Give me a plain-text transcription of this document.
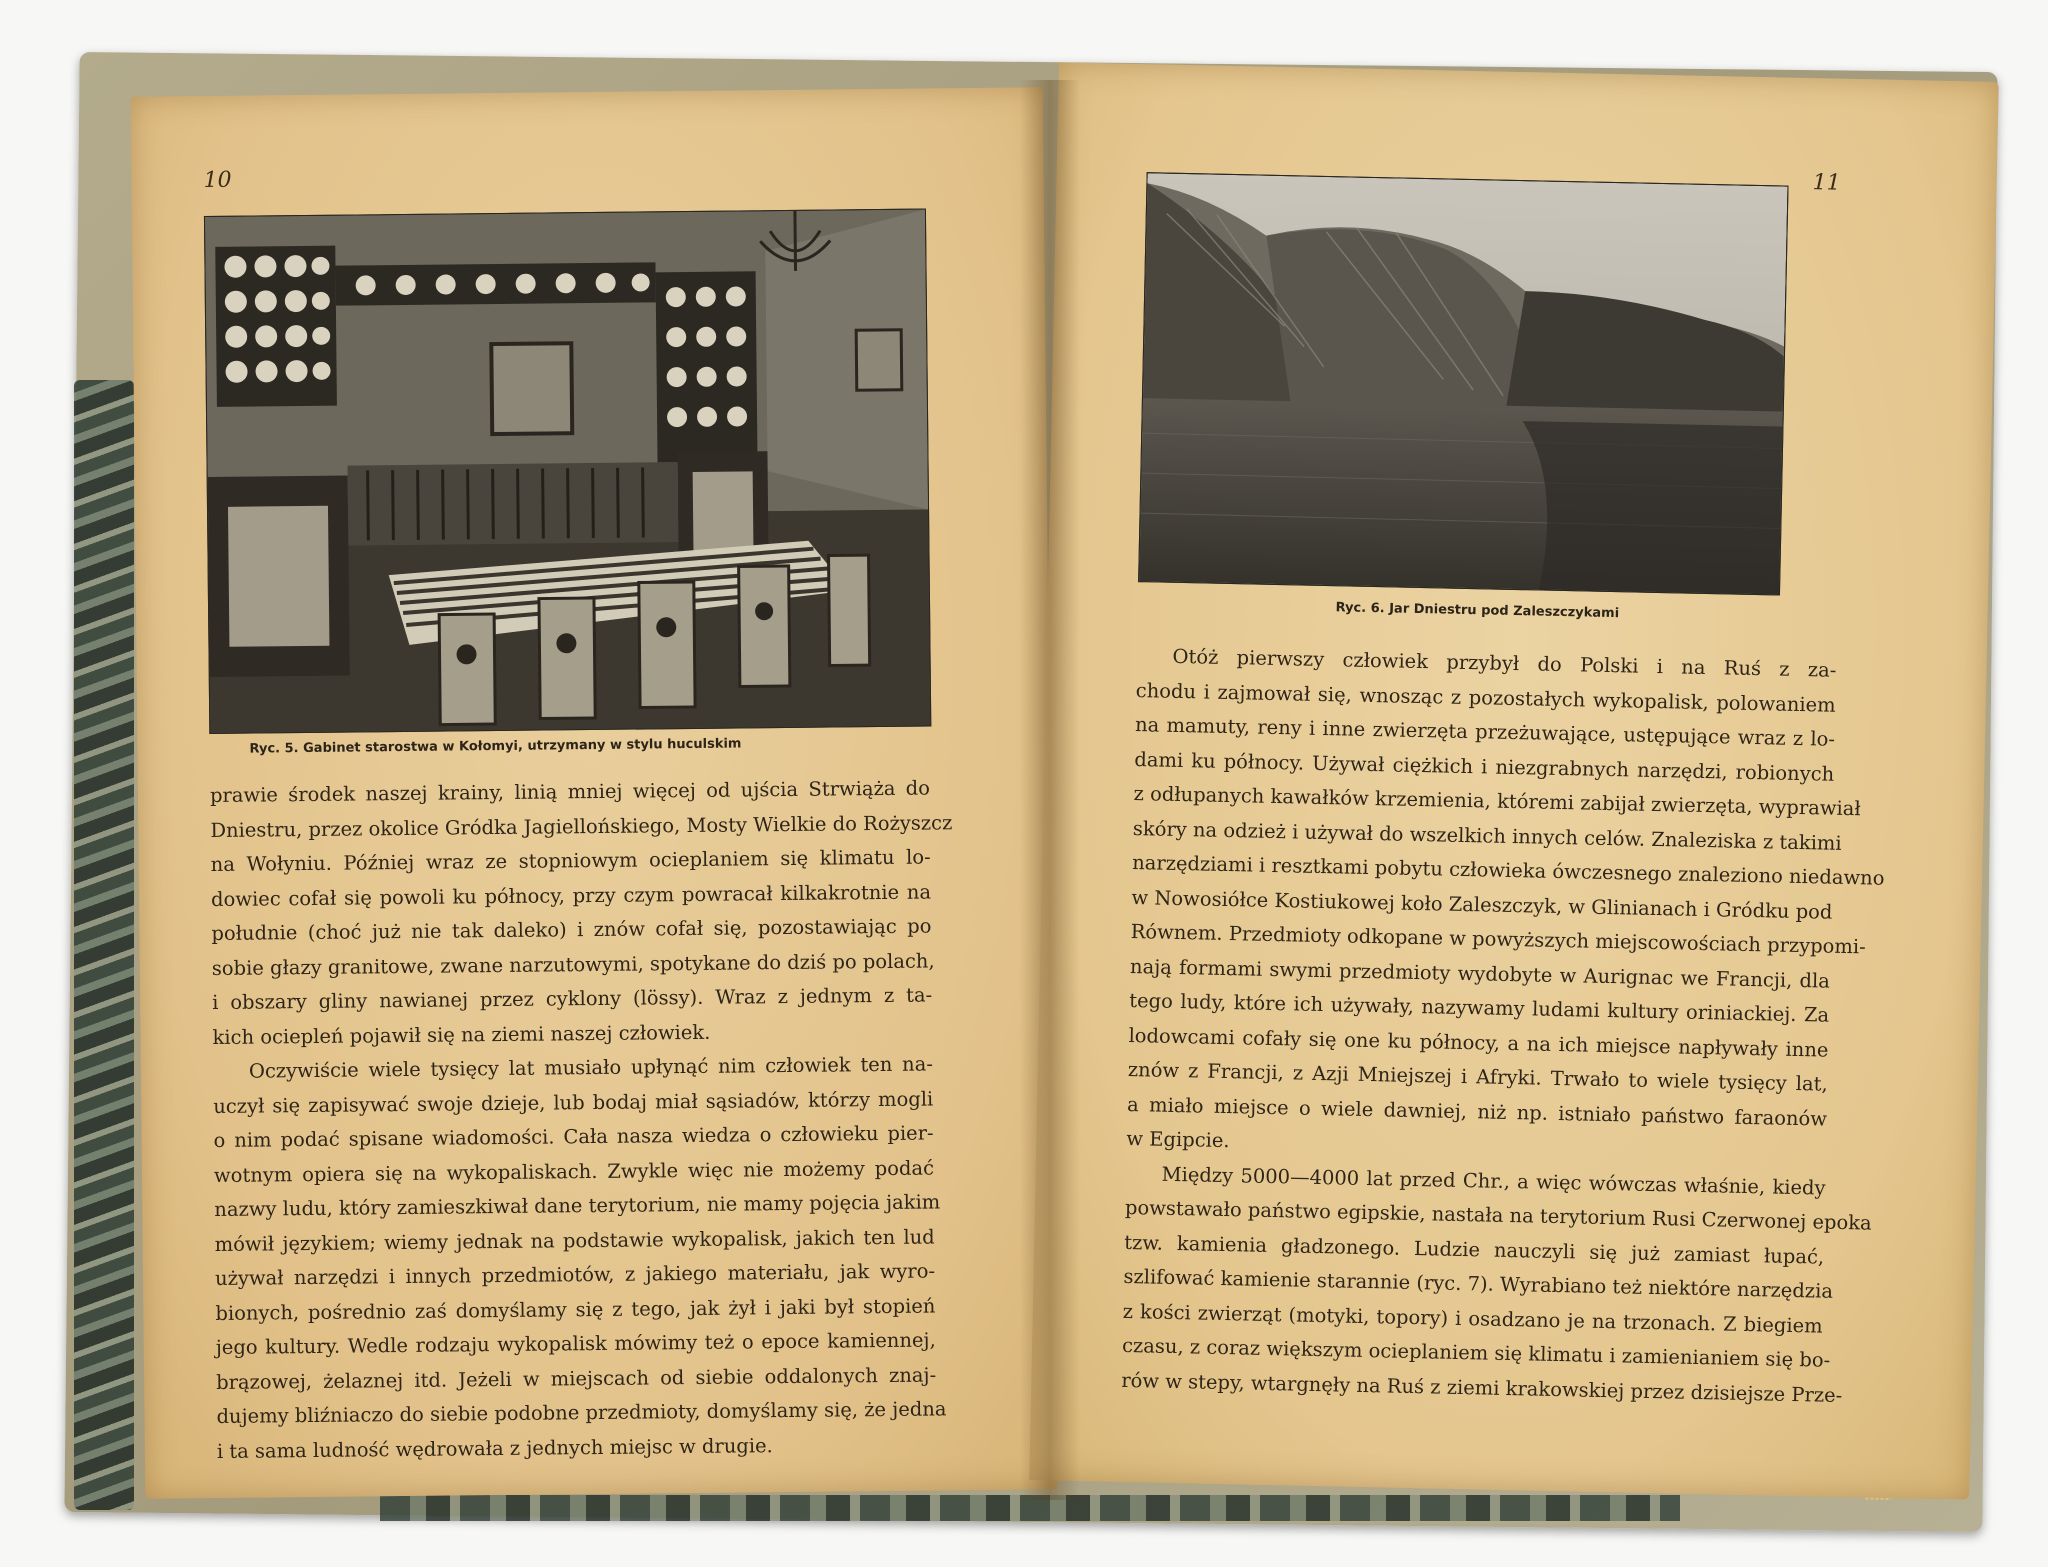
10
Ryc. 5. Gabinet starostwa w Kołomyi, utrzymany w stylu huculskim
prawie środek naszej krainy, linią mniej więcej od ujścia Strwiąża do
Dniestru, przez okolice Gródka Jagiellońskiego, Mosty Wielkie do Rożyszcz
na Wołyniu. Później wraz ze stopniowym ocieplaniem się klimatu lo-
dowiec cofał się powoli ku północy, przy czym powracał kilkakrotnie na
południe (choć już nie tak daleko) i znów cofał się, pozostawiając po
sobie głazy granitowe, zwane narzutowymi, spotykane do dziś po polach,
i obszary gliny nawianej przez cyklony (lössy). Wraz z jednym z ta-
kich ociepleń pojawił się na ziemi naszej człowiek.
Oczywiście wiele tysięcy lat musiało upłynąć nim człowiek ten na-
uczył się zapisywać swoje dzieje, lub bodaj miał sąsiadów, którzy mogli
o nim podać spisane wiadomości. Cała nasza wiedza o człowieku pier-
wotnym opiera się na wykopaliskach. Zwykle więc nie możemy podać
nazwy ludu, który zamieszkiwał dane terytorium, nie mamy pojęcia jakim
mówił językiem; wiemy jednak na podstawie wykopalisk, jakich ten lud
używał narzędzi i innych przedmiotów, z jakiego materiału, jak wyro-
bionych, pośrednio zaś domyślamy się z tego, jak żył i jaki był stopień
jego kultury. Wedle rodzaju wykopalisk mówimy też o epoce kamiennej,
brązowej, żelaznej itd. Jeżeli w miejscach od siebie oddalonych znaj-
dujemy bliźniaczo do siebie podobne przedmioty, domyślamy się, że jedna
i ta sama ludność wędrowała z jednych miejsc w drugie.
11
Ryc. 6. Jar Dniestru pod Zaleszczykami
Otóż pierwszy człowiek przybył do Polski i na Ruś z za-
chodu i zajmował się, wnosząc z pozostałych wykopalisk, polowaniem
na mamuty, reny i inne zwierzęta przeżuwające, ustępujące wraz z lo-
dami ku północy. Używał ciężkich i niezgrabnych narzędzi, robionych
z odłupanych kawałków krzemienia, któremi zabijał zwierzęta, wyprawiał
skóry na odzież i używał do wszelkich innych celów. Znaleziska z takimi
narzędziami i resztkami pobytu człowieka ówczesnego znaleziono niedawno
w Nowosiółce Kostiukowej koło Zaleszczyk, w Glinianach i Gródku pod
Równem. Przedmioty odkopane w powyższych miejscowościach przypomi-
nają formami swymi przedmioty wydobyte w Aurignac we Francji, dla
tego ludy, które ich używały, nazywamy ludami kultury oriniackiej. Za
lodowcami cofały się one ku północy, a na ich miejsce napływały inne
znów z Francji, z Azji Mniejszej i Afryki. Trwało to wiele tysięcy lat,
a miało miejsce o wiele dawniej, niż np. istniało państwo faraonów
w Egipcie.
Między 5000—4000 lat przed Chr., a więc wówczas właśnie, kiedy
powstawało państwo egipskie, nastała na terytorium Rusi Czerwonej epoka
tzw. kamienia gładzonego. Ludzie nauczyli się już zamiast łupać,
szlifować kamienie starannie (ryc. 7). Wyrabiano też niektóre narzędzia
z kości zwierząt (motyki, topory) i osadzano je na trzonach. Z biegiem
czasu, z coraz większym ocieplaniem się klimatu i zamienianiem się bo-
rów w stepy, wtargnęły na Ruś z ziemi krakowskiej przez dzisiejsze Prze-
